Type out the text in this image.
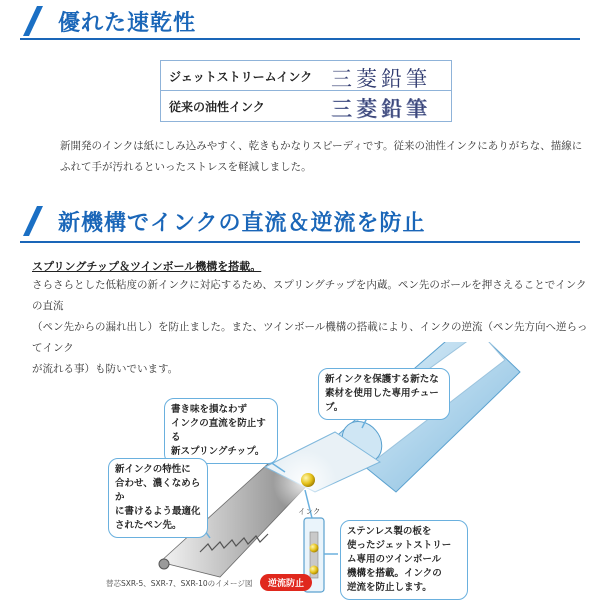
優れた速乾性
ジェットストリームインク 三菱鉛筆
従来の油性インク	三菱鉛筆
新開発のインクは紙にしみ込みやすく、乾きもかなりスピーディです。従来の油性インクにありがちな、描線に
ふれて手が汚れるといったストレスを軽減しました。
新機構でインクの直流＆逆流を防止
スプリングチップ＆ツインボール機構を搭載。
さらさらとした低粘度の新インクに対応するため、スプリングチップを内蔵。ペン先のボールを押さえることでインクの直流
（ペン先からの漏れ出し）を防止ました。また、ツインボール機構の搭載により、インクの逆流（ペン先方向へ逆らってインク
が流れる事）も防いでいます。
新インクを保護する新たな
素材を使用した専用チューブ。
書き味を損なわず
インクの直流を防止する
新スプリングチップ。
新インクの特性に
合わせ、濃くなめらか
に書けるよう最適化
されたペン先。
ステンレス製の板を
使ったジェットストリー
ム専用のツインボール
機構を搭載。インクの
逆流を防止します。
インク
替芯SXR-5、SXR-7、SXR-10のイメージ図	逆流防止
